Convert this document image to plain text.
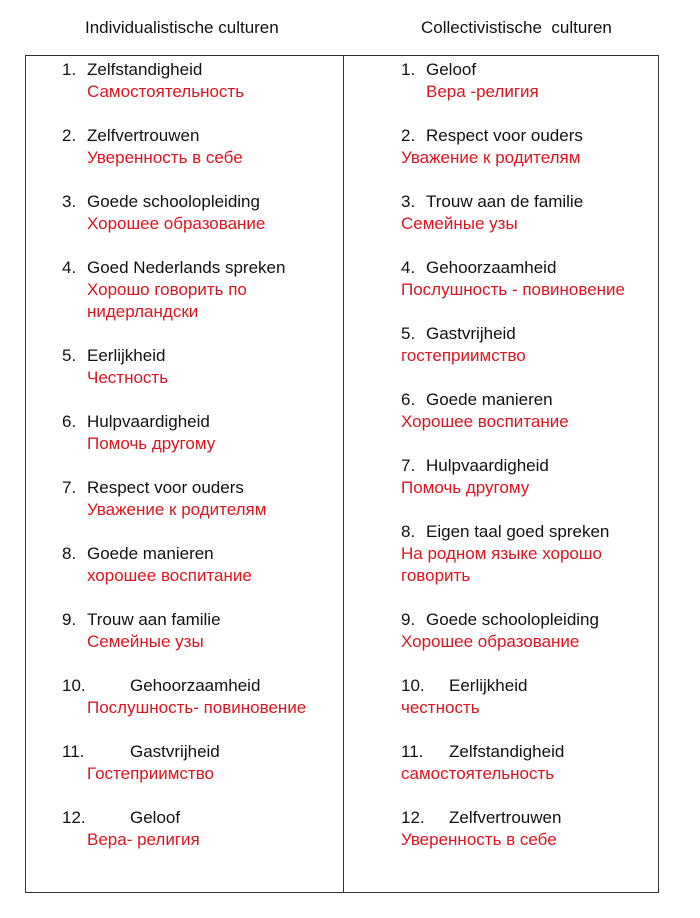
Individualistische culturen	Collectivistische  culturen
1. Zelfstandigheid
Самостоятельность
2. Zelfvertrouwen
Уверенность в себе
3. Goede schoolopleiding
Хорошее образование
4. Goed Nederlands spreken
Хорошо говорить по
нидерландски
5. Eerlijkheid
Честность
6. Hulpvaardigheid
Помочь другому
7. Respect voor ouders
Уважение к родителям
8. Goede manieren
хорошее воспитание
9. Trouw aan familie
Семейные узы
10.	Gehoorzaamheid
Послушность- повиновение
11.	Gastvrijheid
Гостеприимство
12.	Geloof
Вера- религия
1. Geloof
Вера -религия
2. Respect voor ouders
Уважение к родителям
3. Trouw aan de familie
Семейные узы
4. Gehoorzaamheid
Послушность - повиновение
5. Gastvrijheid
гостеприимство
6. Goede manieren
Хорошее воспитание
7. Hulpvaardigheid
Помочь другому
8. Eigen taal goed spreken
На родном языке хорошо
говорить
9. Goede schoolopleiding
Хорошее образование
10. Eerlijkheid
честность
11. Zelfstandigheid
самостоятельность
12. Zelfvertrouwen
Уверенность в себе
